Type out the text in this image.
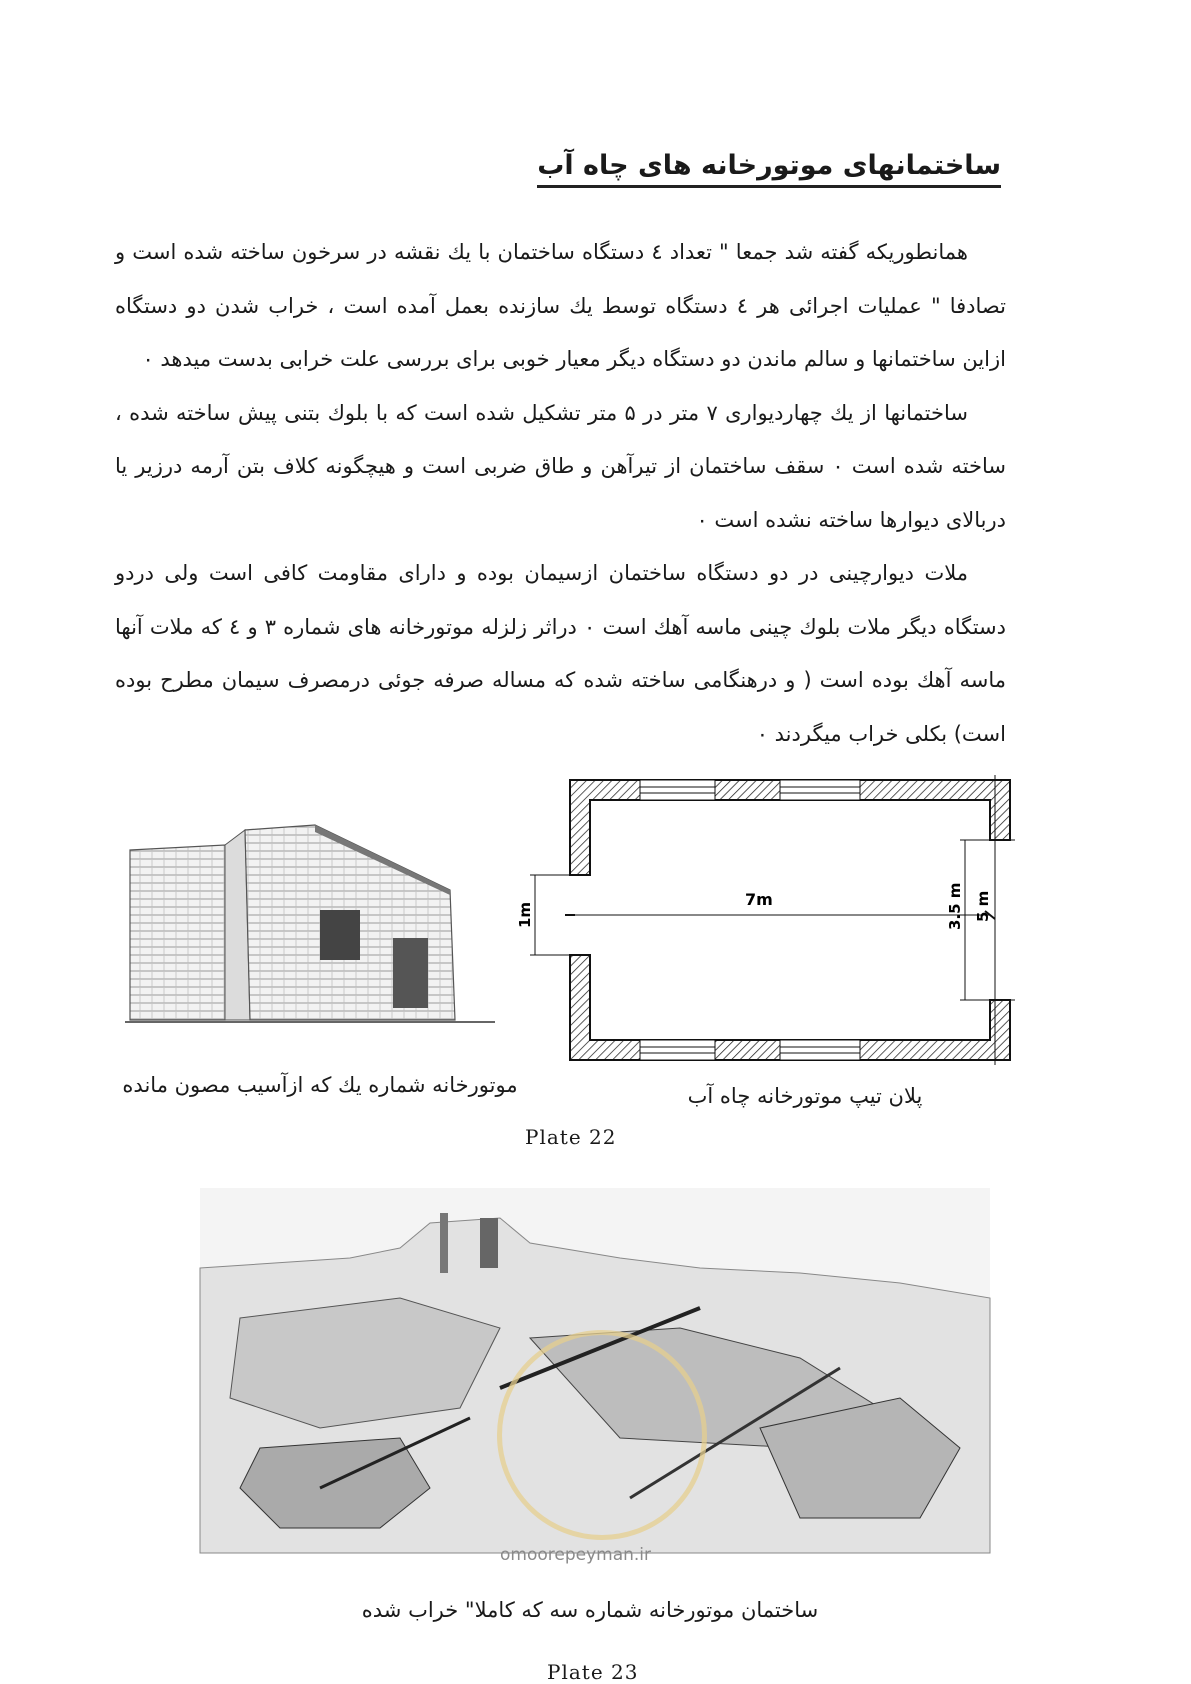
ساختمانهای موتورخانه های چاه آب

همانطوریکه گفته شد جمعا " تعداد ٤ دستگاه ساختمان با یك نقشه در سرخون ساخته شده است و تصادفا " عملیات اجرائی هر ٤ دستگاه توسط یك سازنده بعمل آمده است ، خراب شدن دو دستگاه ازاین ساختمانها و سالم ماندن دو دستگاه دیگر معیار خوبی برای بررسی علت خرابی بدست میدهد ٠

ساختمانها از یك چهاردیواری ۷ متر در ۵ متر تشکیل شده است که با بلوك بتنی پیش ساخته شده ، ساخته شده است ٠ سقف ساختمان از تیرآهن و طاق ضربی است و هیچگونه کلاف بتن آرمه درزیر یا دربالای دیوارها ساخته نشده است ٠

ملات دیوارچینی در دو دستگاه ساختمان ازسیمان بوده و دارای مقاومت کافی است ولی دردو دستگاه دیگر ملات بلوك چینی ماسه آهك است ٠ دراثر زلزله موتورخانه های شماره ۳ و ٤ که ملات آنها ماسه آهك بوده است ( و درهنگامی ساخته شده که مساله صرفه جوئی درمصرف سیمان مطرح بوده است) بکلی خراب میگردند ٠

7m
1m	3.5 m 5 m
موتورخانه شماره یك که ازآسیب مصون مانده	پلان تیپ موتورخانه چاه آب
Plate 22
omoorepeyman.ir
ساختمان موتورخانه شماره سه که کاملا" خراب شده
Plate 23
